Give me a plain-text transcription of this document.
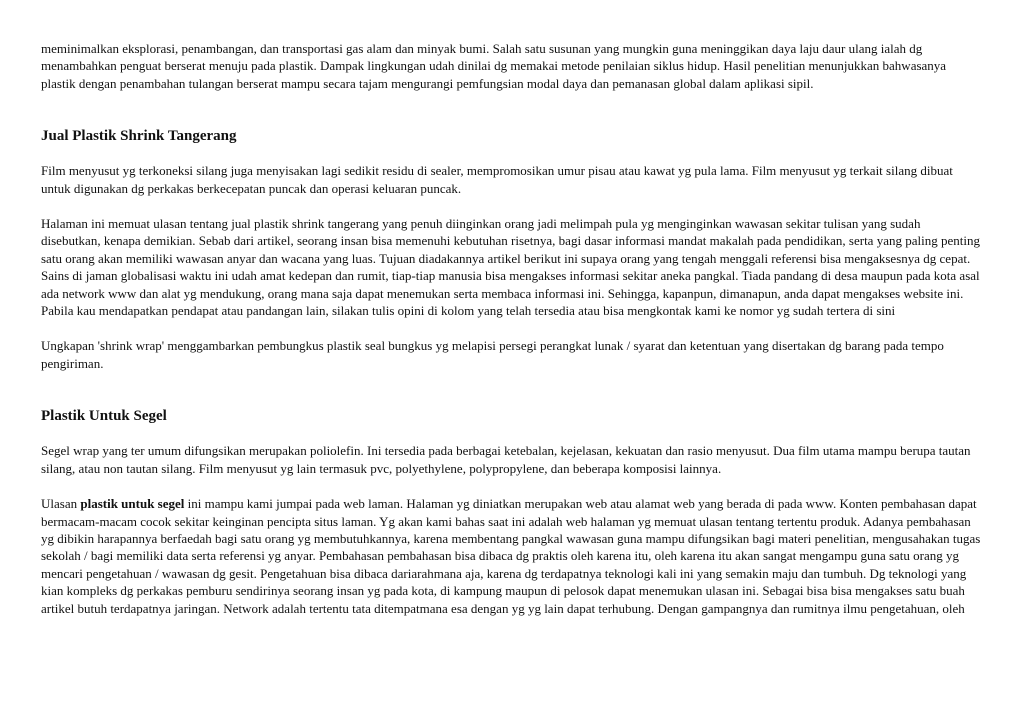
meminimalkan eksplorasi, penambangan, dan transportasi gas alam dan minyak bumi. Salah satu susunan yang mungkin guna meninggikan daya laju daur ulang ialah dg menambahkan penguat berserat menuju pada plastik. Dampak lingkungan udah dinilai dg memakai metode penilaian siklus hidup. Hasil penelitian menunjukkan bahwasanya plastik dengan penambahan tulangan berserat mampu secara tajam mengurangi pemfungsian modal daya dan pemanasan global dalam aplikasi sipil.

Jual Plastik Shrink Tangerang

Film menyusut yg terkoneksi silang juga menyisakan lagi sedikit residu di sealer, mempromosikan umur pisau atau kawat yg pula lama. Film menyusut yg terkait silang dibuat untuk digunakan dg perkakas berkecepatan puncak dan operasi keluaran puncak.

Halaman ini memuat ulasan tentang jual plastik shrink tangerang yang penuh diinginkan orang jadi melimpah pula yg menginginkan wawasan sekitar tulisan yang sudah disebutkan, kenapa demikian. Sebab dari artikel, seorang insan bisa memenuhi kebutuhan risetnya, bagi dasar informasi mandat makalah pada pendidikan, serta yang paling penting satu orang akan memiliki wawasan anyar dan wacana yang luas. Tujuan diadakannya artikel berikut ini supaya orang yang tengah menggali referensi bisa mengaksesnya dg cepat. Sains di jaman globalisasi waktu ini udah amat kedepan dan rumit, tiap-tiap manusia bisa mengakses informasi sekitar aneka pangkal. Tiada pandang di desa maupun pada kota asal ada network www dan alat yg mendukung, orang mana saja dapat menemukan serta membaca informasi ini. Sehingga, kapanpun, dimanapun, anda dapat mengakses website ini. Pabila kau mendapatkan pendapat atau pandangan lain, silakan tulis opini di kolom yang telah tersedia atau bisa mengkontak kami ke nomor yg sudah tertera di sini

Ungkapan 'shrink wrap' menggambarkan pembungkus plastik seal bungkus yg melapisi persegi perangkat lunak / syarat dan ketentuan yang disertakan dg barang pada tempo pengiriman.

Plastik Untuk Segel

Segel wrap yang ter umum difungsikan merupakan poliolefin. Ini tersedia pada berbagai ketebalan, kejelasan, kekuatan dan rasio menyusut. Dua film utama mampu berupa tautan silang, atau non tautan silang. Film menyusut yg lain termasuk pvc, polyethylene, polypropylene, dan beberapa komposisi lainnya.

Ulasan plastik untuk segel ini mampu kami jumpai pada web laman. Halaman yg diniatkan merupakan web atau alamat web yang berada di pada www. Konten pembahasan dapat bermacam-macam cocok sekitar keinginan pencipta situs laman. Yg akan kami bahas saat ini adalah web halaman yg memuat ulasan tentang tertentu produk. Adanya pembahasan yg dibikin harapannya berfaedah bagi satu orang yg membutuhkannya, karena membentang pangkal wawasan guna mampu difungsikan bagi materi penelitian, mengusahakan tugas sekolah / bagi memiliki data serta referensi yg anyar. Pembahasan pembahasan bisa dibaca dg praktis oleh karena itu, oleh karena itu akan sangat mengampu guna satu orang yg mencari pengetahuan / wawasan dg gesit. Pengetahuan bisa dibaca dariarahmana aja, karena dg terdapatnya teknologi kali ini yang semakin maju dan tumbuh. Dg teknologi yang kian kompleks dg perkakas pemburu sendirinya seorang insan yg pada kota, di kampung maupun di pelosok dapat menemukan ulasan ini. Sebagai bisa bisa mengakses satu buah artikel butuh terdapatnya jaringan. Network adalah tertentu tata ditempatmana esa dengan yg yg lain dapat terhubung. Dengan gampangnya dan rumitnya ilmu pengetahuan, oleh
